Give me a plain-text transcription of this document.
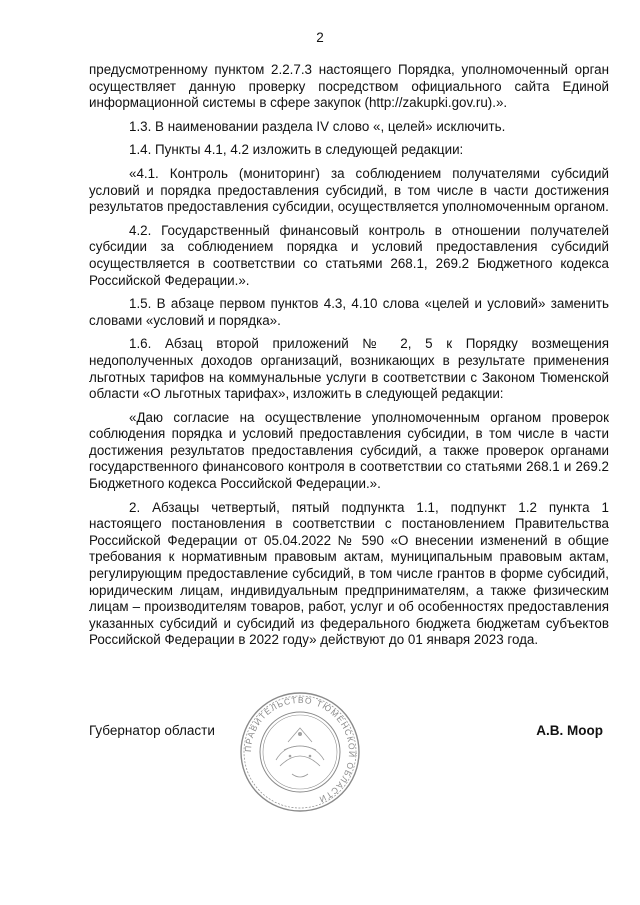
2

предусмотренному пунктом 2.2.7.3 настоящего Порядка, уполномоченный орган осуществляет данную проверку посредством официального сайта Единой информационной системы в сфере закупок (http://zakupki.gov.ru).».

1.3. В наименовании раздела IV слово «, целей» исключить.

1.4. Пункты 4.1, 4.2 изложить в следующей редакции:

«4.1. Контроль (мониторинг) за соблюдением получателями субсидий условий и порядка предоставления субсидий, в том числе в части достижения результатов предоставления субсидии, осуществляется уполномоченным органом.

4.2. Государственный финансовый контроль в отношении получателей субсидии за соблюдением порядка и условий предоставления субсидий осуществляется в соответствии со статьями 268.1, 269.2 Бюджетного кодекса Российской Федерации.».

1.5. В абзаце первом пунктов 4.3, 4.10 слова «целей и условий» заменить словами «условий и порядка».

1.6. Абзац второй приложений № 2, 5 к Порядку возмещения недополученных доходов организаций, возникающих в результате применения льготных тарифов на коммунальные услуги в соответствии с Законом Тюменской области «О льготных тарифах», изложить в следующей редакции:

«Даю согласие на осуществление уполномоченным органом проверок соблюдения порядка и условий предоставления субсидии, в том числе в части достижения результатов предоставления субсидий, а также проверок органами государственного финансового контроля в соответствии со статьями 268.1 и 269.2 Бюджетного кодекса Российской Федерации.».

2. Абзацы четвертый, пятый подпункта 1.1, подпункт 1.2 пункта 1 настоящего постановления в соответствии с постановлением Правительства Российской Федерации от 05.04.2022 № 590 «О внесении изменений в общие требования к нормативным правовым актам, муниципальным правовым актам, регулирующим предоставление субсидий, в том числе грантов в форме субсидий, юридическим лицам, индивидуальным предпринимателям, а также физическим лицам – производителям товаров, работ, услуг и об особенностях предоставления указанных субсидий и субсидий из федерального бюджета бюджетам субъектов Российской Федерации в 2022 году» действуют до 01 января 2023 года.

Губернатор области
ПРАВИТЕЛЬСТВО ТЮМЕНСКОЙ ОБЛАСТИ
А.В. Моор
